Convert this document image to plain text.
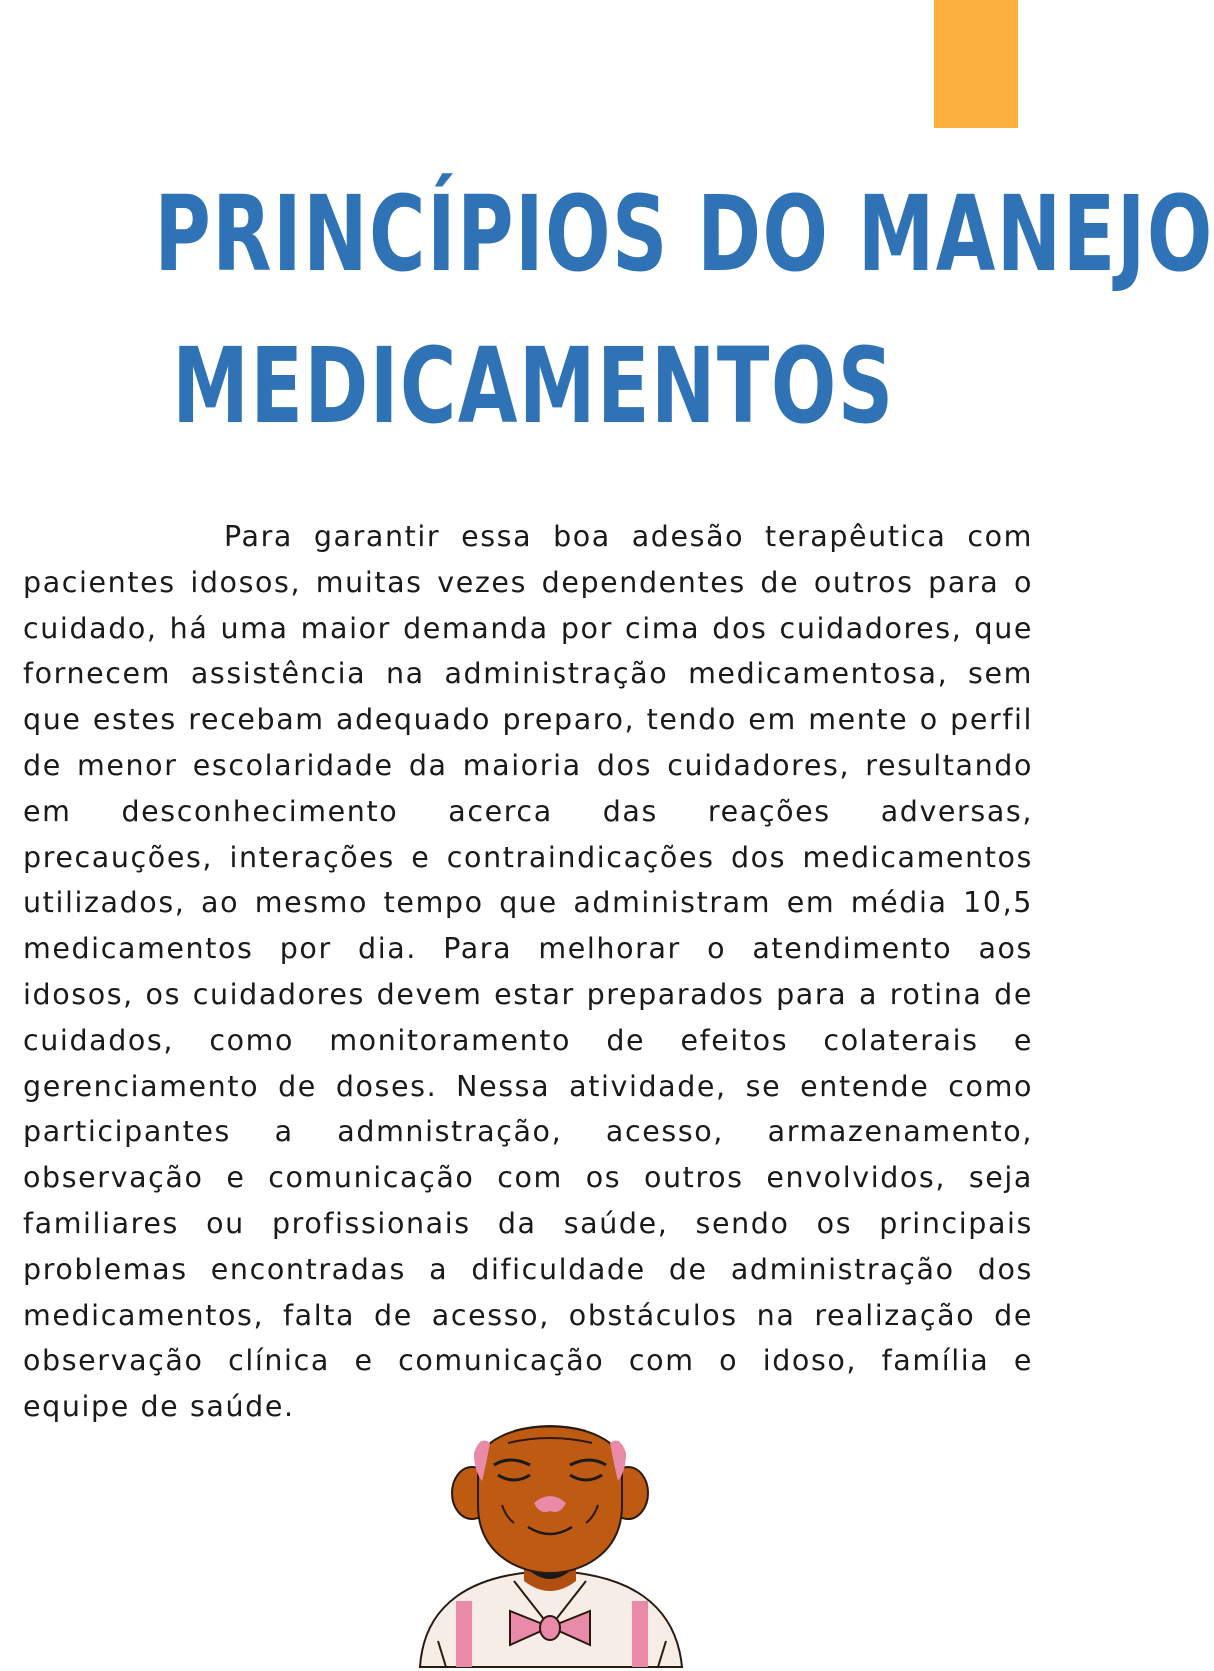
PRINCÍPIOS DO MANEJO
MEDICAMENTOS

Para garantir essa boa adesão terapêutica com pacientes idosos, muitas vezes dependentes de outros para o cuidado, há uma maior demanda por cima dos cuidadores, que fornecem assistência na administração medicamentosa, sem que estes recebam adequado preparo, tendo em mente o perfil de menor escolaridade da maioria dos cuidadores, resultando em desconhecimento acerca das reações adversas, precauções, interações e contraindicações dos medicamentos utilizados, ao mesmo tempo que administram em média 10,5 medicamentos por dia. Para melhorar o atendimento aos idosos, os cuidadores devem estar preparados para a rotina de cuidados, como monitoramento de efeitos colaterais e gerenciamento de doses. Nessa atividade, se entende como participantes a admnistração, acesso, armazenamento, observação e comunicação com os outros envolvidos, seja familiares ou profissionais da saúde, sendo os principais problemas encontradas a dificuldade de administração dos medicamentos, falta de acesso, obstáculos na realização de observação clínica e comunicação com o idoso, família e equipe de saúde.
